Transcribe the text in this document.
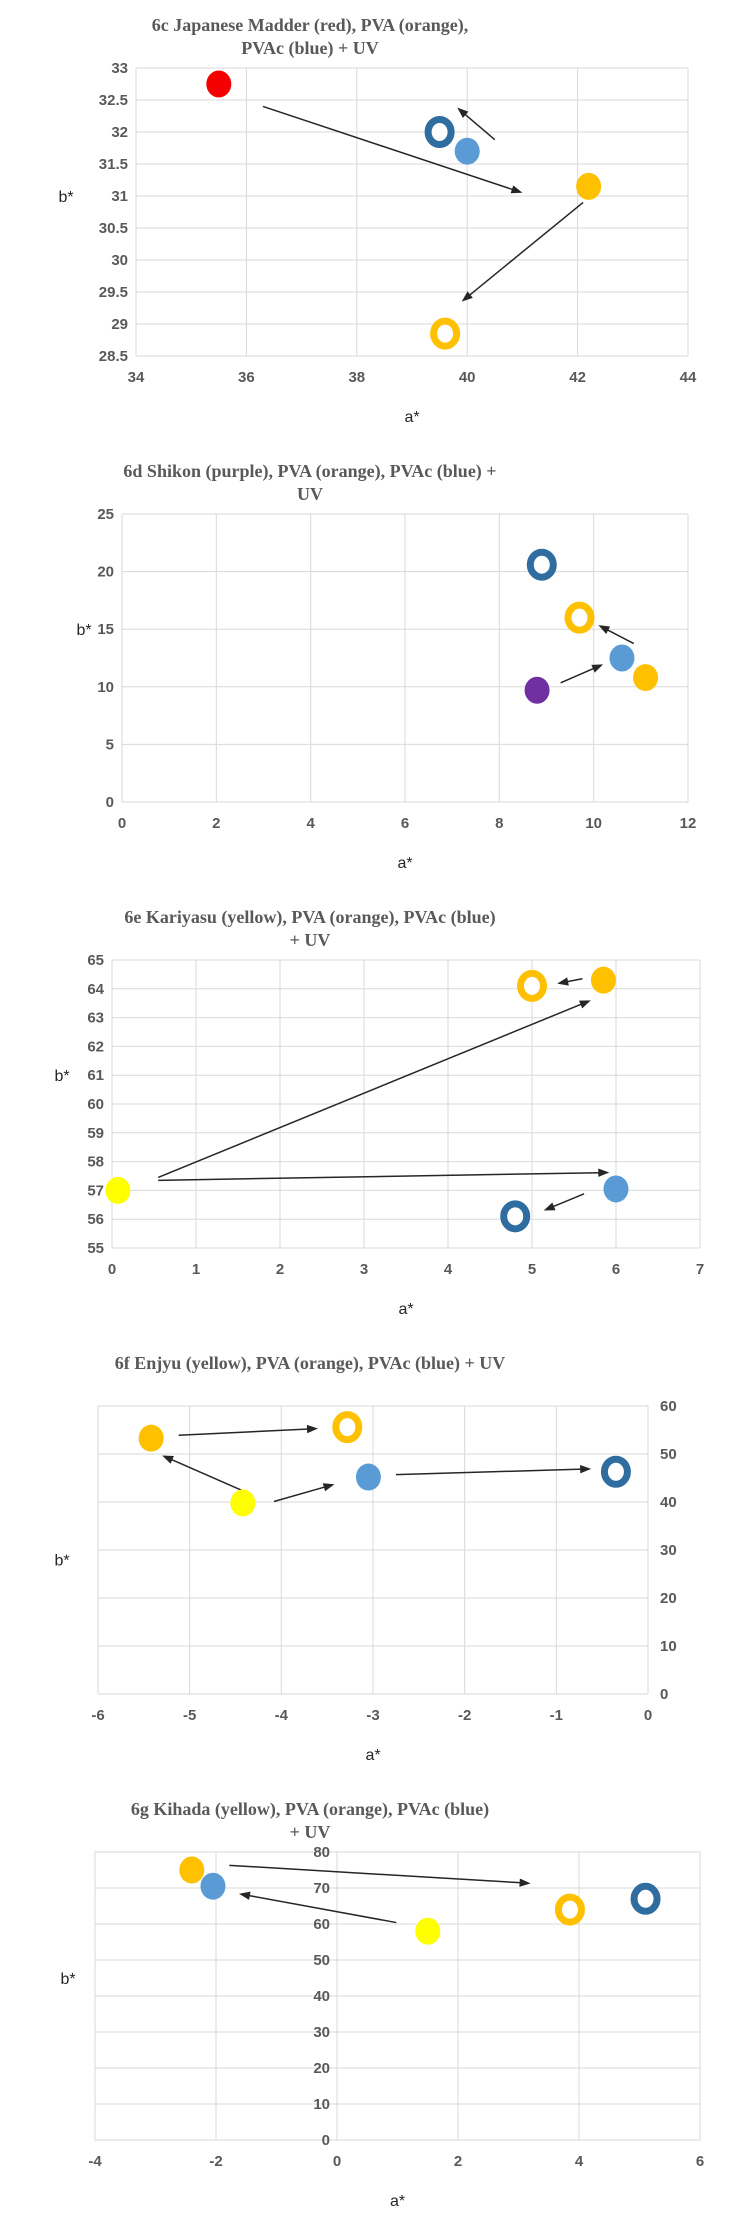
6c Japanese Madder (red), PVA (orange),
PVAc (blue) + UV
34	36	38	40	42	44
33
32.5
32
31.5
31
30.5
30
29.5
29
28.5
a*
b*
6d Shikon (purple), PVA (orange), PVAc (blue) +
UV
0	2	4	6	8	10	12
25
20
15
10
5
0
a*
b*
6e Kariyasu (yellow), PVA (orange), PVAc (blue)
+ UV
0	1	2	3	4	5	6	7
65
64
63
62
61
60
59
58
57
56
55
a*
b*
6f Enjyu (yellow), PVA (orange), PVAc (blue) + UV
-6	-5	-4	-3	-2	-1	0
60
50
40
30
20
10
0
a*
b*
6g Kihada (yellow), PVA (orange), PVAc (blue)
+ UV
-4	-2	0	2	4	6
80
70
60
50
40
30
20
10
0
a*
b*
